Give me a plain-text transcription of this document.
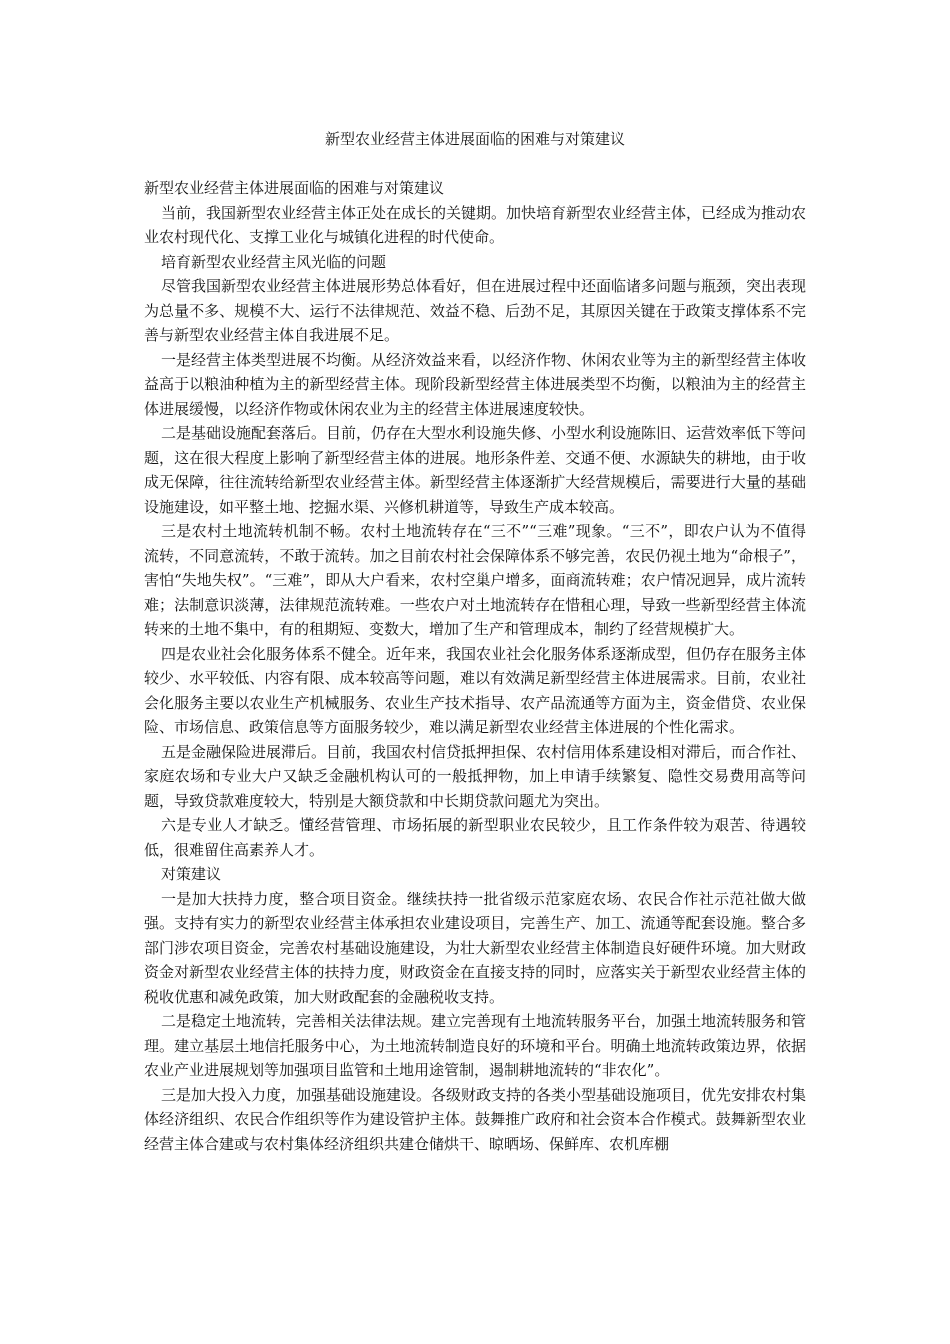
新型农业经营主体进展面临的困难与对策建议

新型农业经营主体进展面临的困难与对策建议

当前，我国新型农业经营主体正处在成长的关键期。加快培育新型农业经营主体，已经成为推动农业农村现代化、支撑工业化与城镇化进程的时代使命。

培育新型农业经营主风光临的问题

尽管我国新型农业经营主体进展形势总体看好，但在进展过程中还面临诸多问题与瓶颈，突出表现为总量不多、规模不大、运行不法律规范、效益不稳、后劲不足，其原因关键在于政策支撑体系不完善与新型农业经营主体自我进展不足。

一是经营主体类型进展不均衡。从经济效益来看，以经济作物、休闲农业等为主的新型经营主体收益高于以粮油种植为主的新型经营主体。现阶段新型经营主体进展类型不均衡，以粮油为主的经营主体进展缓慢，以经济作物或休闲农业为主的经营主体进展速度较快。

二是基础设施配套落后。目前，仍存在大型水利设施失修、小型水利设施陈旧、运营效率低下等问题，这在很大程度上影响了新型经营主体的进展。地形条件差、交通不便、水源缺失的耕地，由于收成无保障，往往流转给新型农业经营主体。新型经营主体逐渐扩大经营规模后，需要进行大量的基础设施建设，如平整土地、挖掘水渠、兴修机耕道等，导致生产成本较高。

三是农村土地流转机制不畅。农村土地流转存在“三不”“三难”现象。“三不”，即农户认为不值得流转，不同意流转，不敢于流转。加之目前农村社会保障体系不够完善，农民仍视土地为“命根子”，害怕“失地失权”。“三难”，即从大户看来，农村空巢户增多，面商流转难；农户情况迥异，成片流转难；法制意识淡薄，法律规范流转难。一些农户对土地流转存在惜租心理，导致一些新型经营主体流转来的土地不集中，有的租期短、变数大，增加了生产和管理成本，制约了经营规模扩大。

四是农业社会化服务体系不健全。近年来，我国农业社会化服务体系逐渐成型，但仍存在服务主体较少、水平较低、内容有限、成本较高等问题，难以有效满足新型经营主体进展需求。目前，农业社会化服务主要以农业生产机械服务、农业生产技术指导、农产品流通等方面为主，资金借贷、农业保险、市场信息、政策信息等方面服务较少，难以满足新型农业经营主体进展的个性化需求。

五是金融保险进展滞后。目前，我国农村信贷抵押担保、农村信用体系建设相对滞后，而合作社、家庭农场和专业大户又缺乏金融机构认可的一般抵押物，加上申请手续繁复、隐性交易费用高等问题，导致贷款难度较大，特别是大额贷款和中长期贷款问题尤为突出。

六是专业人才缺乏。懂经营管理、市场拓展的新型职业农民较少，且工作条件较为艰苦、待遇较低，很难留住高素养人才。

对策建议

一是加大扶持力度，整合项目资金。继续扶持一批省级示范家庭农场、农民合作社示范社做大做强。支持有实力的新型农业经营主体承担农业建设项目，完善生产、加工、流通等配套设施。整合多部门涉农项目资金，完善农村基础设施建设，为壮大新型农业经营主体制造良好硬件环境。加大财政资金对新型农业经营主体的扶持力度，财政资金在直接支持的同时，应落实关于新型农业经营主体的税收优惠和减免政策，加大财政配套的金融税收支持。

二是稳定土地流转，完善相关法律法规。建立完善现有土地流转服务平台，加强土地流转服务和管理。建立基层土地信托服务中心，为土地流转制造良好的环境和平台。明确土地流转政策边界，依据农业产业进展规划等加强项目监管和土地用途管制，遏制耕地流转的“非农化”。

三是加大投入力度，加强基础设施建设。各级财政支持的各类小型基础设施项目，优先安排农村集体经济组织、农民合作组织等作为建设管护主体。鼓舞推广政府和社会资本合作模式。鼓舞新型农业经营主体合建或与农村集体经济组织共建仓储烘干、晾晒场、保鲜库、农机库棚
